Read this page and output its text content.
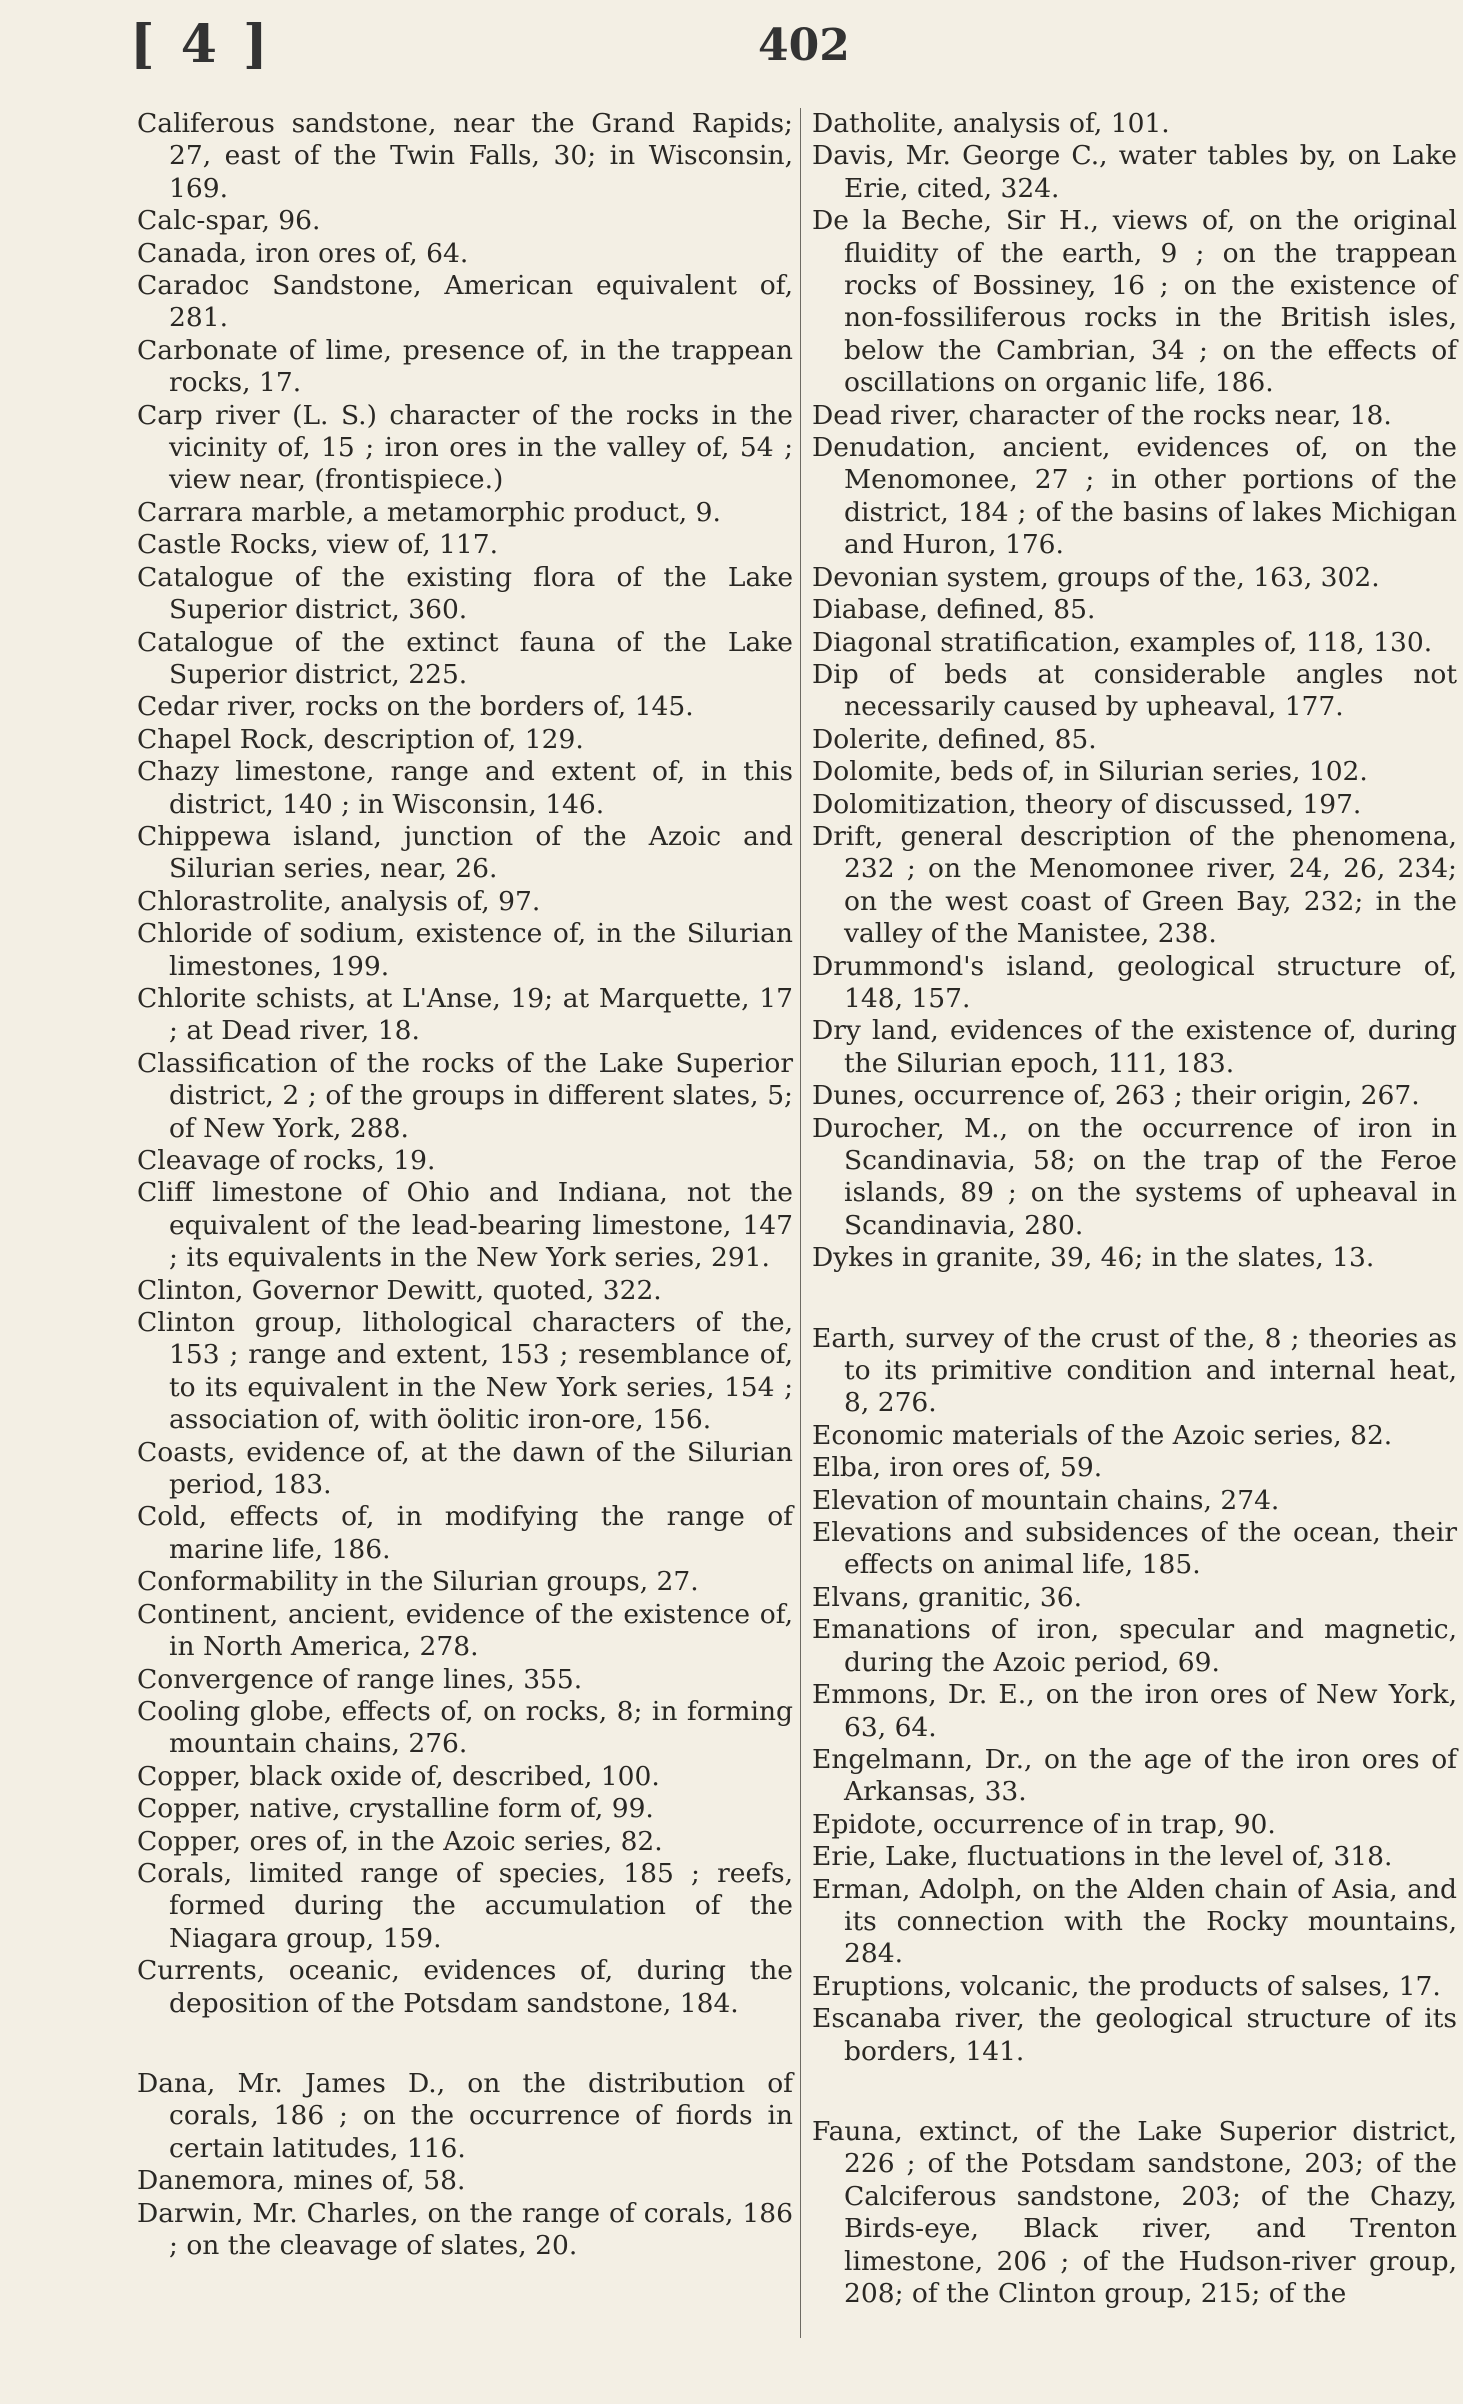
[ 4 ]	402

Califerous sandstone, near the Grand Rapids; 27, east of the Twin Falls, 30; in Wisconsin, 169.

Calc-spar, 96.

Canada, iron ores of, 64.

Caradoc Sandstone, American equivalent of, 281.

Carbonate of lime, presence of, in the trappean rocks, 17.

Carp river (L. S.) character of the rocks in the vicinity of, 15 ; iron ores in the valley of, 54 ; view near, (frontispiece.)

Carrara marble, a metamorphic product, 9.

Castle Rocks, view of, 117.

Catalogue of the existing flora of the Lake Superior district, 360.

Catalogue of the extinct fauna of the Lake Superior district, 225.

Cedar river, rocks on the borders of, 145.

Chapel Rock, description of, 129.

Chazy limestone, range and extent of, in this district, 140 ; in Wisconsin, 146.

Chippewa island, junction of the Azoic and Silurian series, near, 26.

Chlorastrolite, analysis of, 97.

Chloride of sodium, existence of, in the Silurian limestones, 199.

Chlorite schists, at L'Anse, 19; at Marquette, 17 ; at Dead river, 18.

Classification of the rocks of the Lake Superior district, 2 ; of the groups in different slates, 5; of New York, 288.

Cleavage of rocks, 19.

Cliff limestone of Ohio and Indiana, not the equivalent of the lead-bearing limestone, 147 ; its equivalents in the New York series, 291.

Clinton, Governor Dewitt, quoted, 322.

Clinton group, lithological characters of the, 153 ; range and extent, 153 ; resemblance of, to its equivalent in the New York series, 154 ; association of, with öolitic iron-ore, 156.

Coasts, evidence of, at the dawn of the Silurian period, 183.

Cold, effects of, in modifying the range of marine life, 186.

Conformability in the Silurian groups, 27.

Continent, ancient, evidence of the existence of, in North America, 278.

Convergence of range lines, 355.

Cooling globe, effects of, on rocks, 8; in forming mountain chains, 276.

Copper, black oxide of, described, 100.

Copper, native, crystalline form of, 99.

Copper, ores of, in the Azoic series, 82.

Corals, limited range of species, 185 ; reefs, formed during the accumulation of the Niagara group, 159.

Currents, oceanic, evidences of, during the deposition of the Potsdam sandstone, 184.

Dana, Mr. James D., on the distribution of corals, 186 ; on the occurrence of fiords in certain latitudes, 116.

Danemora, mines of, 58.

Darwin, Mr. Charles, on the range of corals, 186 ; on the cleavage of slates, 20.

Datholite, analysis of, 101.

Davis, Mr. George C., water tables by, on Lake Erie, cited, 324.

De la Beche, Sir H., views of, on the original fluidity of the earth, 9 ; on the trappean rocks of Bossiney, 16 ; on the existence of non-fossiliferous rocks in the British isles, below the Cambrian, 34 ; on the effects of oscillations on organic life, 186.

Dead river, character of the rocks near, 18.

Denudation, ancient, evidences of, on the Menomonee, 27 ; in other portions of the district, 184 ; of the basins of lakes Michigan and Huron, 176.

Devonian system, groups of the, 163, 302.

Diabase, defined, 85.

Diagonal stratification, examples of, 118, 130.

Dip of beds at considerable angles not necessarily caused by upheaval, 177.

Dolerite, defined, 85.

Dolomite, beds of, in Silurian series, 102.

Dolomitization, theory of discussed, 197.

Drift, general description of the phenomena, 232 ; on the Menomonee river, 24, 26, 234; on the west coast of Green Bay, 232; in the valley of the Manistee, 238.

Drummond's island, geological structure of, 148, 157.

Dry land, evidences of the existence of, during the Silurian epoch, 111, 183.

Dunes, occurrence of, 263 ; their origin, 267.

Durocher, M., on the occurrence of iron in Scandinavia, 58; on the trap of the Feroe islands, 89 ; on the systems of upheaval in Scandinavia, 280.

Dykes in granite, 39, 46; in the slates, 13.

Earth, survey of the crust of the, 8 ; theories as to its primitive condition and internal heat, 8, 276.

Economic materials of the Azoic series, 82.

Elba, iron ores of, 59.

Elevation of mountain chains, 274.

Elevations and subsidences of the ocean, their effects on animal life, 185.

Elvans, granitic, 36.

Emanations of iron, specular and magnetic, during the Azoic period, 69.

Emmons, Dr. E., on the iron ores of New York, 63, 64.

Engelmann, Dr., on the age of the iron ores of Arkansas, 33.

Epidote, occurrence of in trap, 90.

Erie, Lake, fluctuations in the level of, 318.

Erman, Adolph, on the Alden chain of Asia, and its connection with the Rocky mountains, 284.

Eruptions, volcanic, the products of salses, 17.

Escanaba river, the geological structure of its borders, 141.

Fauna, extinct, of the Lake Superior district, 226 ; of the Potsdam sandstone, 203; of the Calciferous sandstone, 203; of the Chazy, Birds-eye, Black river, and Trenton limestone, 206 ; of the Hudson-river group, 208; of the Clinton group, 215; of the
